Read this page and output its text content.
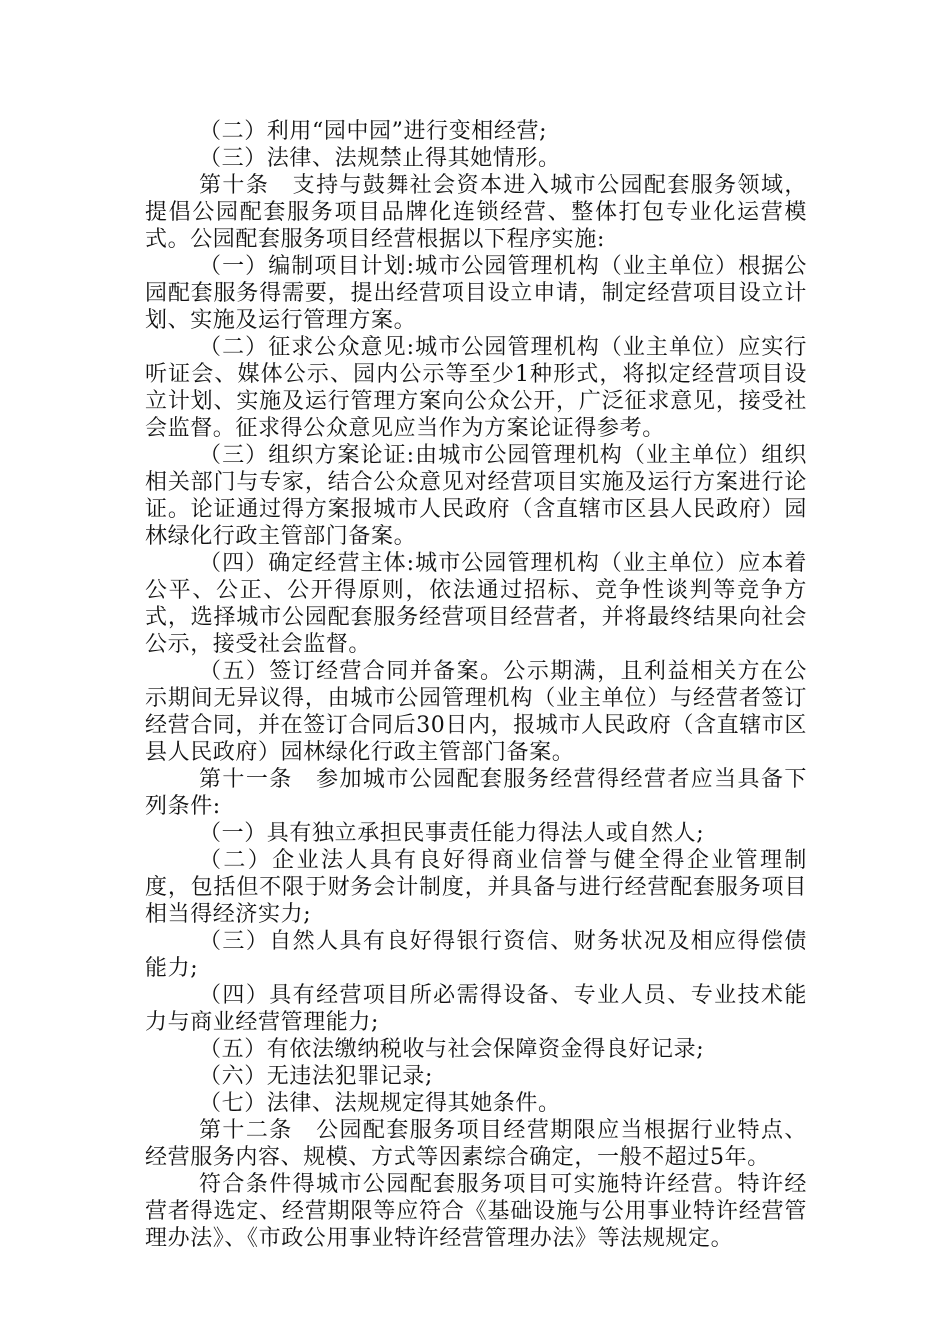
（二）利用“园中园”进行变相经营;

（三）法律、法规禁止得其她情形。

第十条　支持与鼓舞社会资本进入城市公园配套服务领域，提倡公园配套服务项目品牌化连锁经营、整体打包专业化运营模式。公园配套服务项目经营根据以下程序实施:

（一）编制项目计划:城市公园管理机构（业主单位）根据公园配套服务得需要，提出经营项目设立申请，制定经营项目设立计划、实施及运行管理方案。

（二）征求公众意见:城市公园管理机构（业主单位）应实行听证会、媒体公示、园内公示等至少1种形式，将拟定经营项目设立计划、实施及运行管理方案向公众公开，广泛征求意见，接受社会监督。征求得公众意见应当作为方案论证得参考。

（三）组织方案论证:由城市公园管理机构（业主单位）组织相关部门与专家，结合公众意见对经营项目实施及运行方案进行论证。论证通过得方案报城市人民政府（含直辖市区县人民政府）园林绿化行政主管部门备案。

（四）确定经营主体:城市公园管理机构（业主单位）应本着公平、公正、公开得原则，依法通过招标、竞争性谈判等竞争方式，选择城市公园配套服务经营项目经营者，并将最终结果向社会公示，接受社会监督。

（五）签订经营合同并备案。公示期满，且利益相关方在公示期间无异议得，由城市公园管理机构（业主单位）与经营者签订经营合同，并在签订合同后30日内，报城市人民政府（含直辖市区县人民政府）园林绿化行政主管部门备案。

第十一条　参加城市公园配套服务经营得经营者应当具备下列条件:

（一）具有独立承担民事责任能力得法人或自然人;

（二）企业法人具有良好得商业信誉与健全得企业管理制度，包括但不限于财务会计制度，并具备与进行经营配套服务项目相当得经济实力;

（三）自然人具有良好得银行资信、财务状况及相应得偿债能力;

（四）具有经营项目所必需得设备、专业人员、专业技术能力与商业经营管理能力;

（五）有依法缴纳税收与社会保障资金得良好记录;

（六）无违法犯罪记录;

（七）法律、法规规定得其她条件。

第十二条　公园配套服务项目经营期限应当根据行业特点、经营服务内容、规模、方式等因素综合确定，一般不超过5年。

符合条件得城市公园配套服务项目可实施特许经营。特许经营者得选定、经营期限等应符合《基础设施与公用事业特许经营管理办法》、《市政公用事业特许经营管理办法》等法规规定。
